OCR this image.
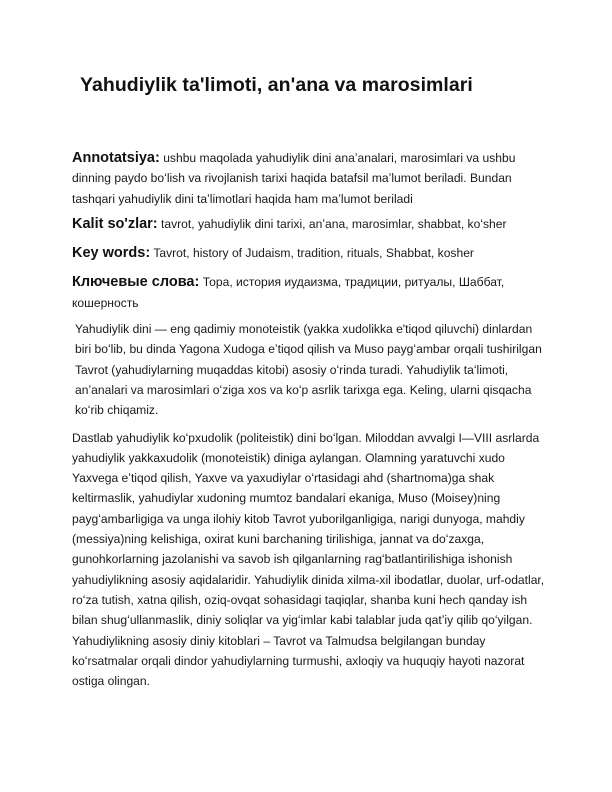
Yahudiylik ta'limoti, an'ana va marosimlari

Annotatsiya: ushbu maqolada yahudiylik dini anaʼanalari, marosimlari va ushbu dinning paydo boʻlish va rivojlanish tarixi haqida batafsil maʼlumot beriladi. Bundan tashqari yahudiylik dini taʼlimotlari haqida ham maʼlumot beriladi

Kalit so'zlar: tavrot, yahudiylik dini tarixi, anʼana, marosimlar, shabbat, koʻsher

Key words: Tavrot, history of Judaism, tradition, rituals, Shabbat, kosher

Ключевые слова: Тора, история иудаизма, традиции, ритуалы, Шаббат, кошерность

Yahudiylik dini — eng qadimiy monoteistik (yakka xudolikka e'tiqod qiluvchi) dinlardan biri boʻlib, bu dinda Yagona Xudoga eʼtiqod qilish va Muso paygʻambar orqali tushirilgan Tavrot (yahudiylarning muqaddas kitobi) asosiy oʻrinda turadi. Yahudiylik taʻlimoti, anʼanalari va marosimlari oʻziga xos va koʻp asrlik tarixga ega. Keling, ularni qisqacha koʻrib chiqamiz.

Dastlab yahudiylik koʻpxudolik (politeistik) dini boʻlgan. Miloddan avvalgi I—VIII asrlarda yahudiylik yakkaxudolik (monoteistik) diniga aylangan. Olamning yaratuvchi xudo Yaxvega eʼtiqod qilish, Yaxve va yaxudiylar oʻrtasidagi ahd (shartnoma)ga shak keltirmaslik, yahudiylar xudoning mumtoz bandalari ekaniga, Muso (Moisey)ning paygʻambarligiga va unga ilohiy kitob Tavrot yuborilganligiga, narigi dunyoga, mahdiy (messiya)ning kelishiga, oxirat kuni barchaning tirilishiga, jannat va doʻzaxga, gunohkorlarning jazolanishi va savob ish qilganlarning ragʻbatlantirilishiga ishonish yahudiylikning asosiy aqidalaridir. Yahudiylik dinida xilma-xil ibodatlar, duolar, urf-odatlar, roʻza tutish, xatna qilish, oziq-ovqat sohasidagi taqiqlar, shanba kuni hech qanday ish bilan shugʻullanmaslik, diniy soliqlar va yigʻimlar kabi talablar juda qatʼiy qilib qoʻyilgan. Yahudiylikning asosiy diniy kitoblari – Tavrot va Talmudsa belgilangan bunday koʻrsatmalar orqali dindor yahudiylarning turmushi, axloqiy va huquqiy hayoti nazorat ostiga olingan.
